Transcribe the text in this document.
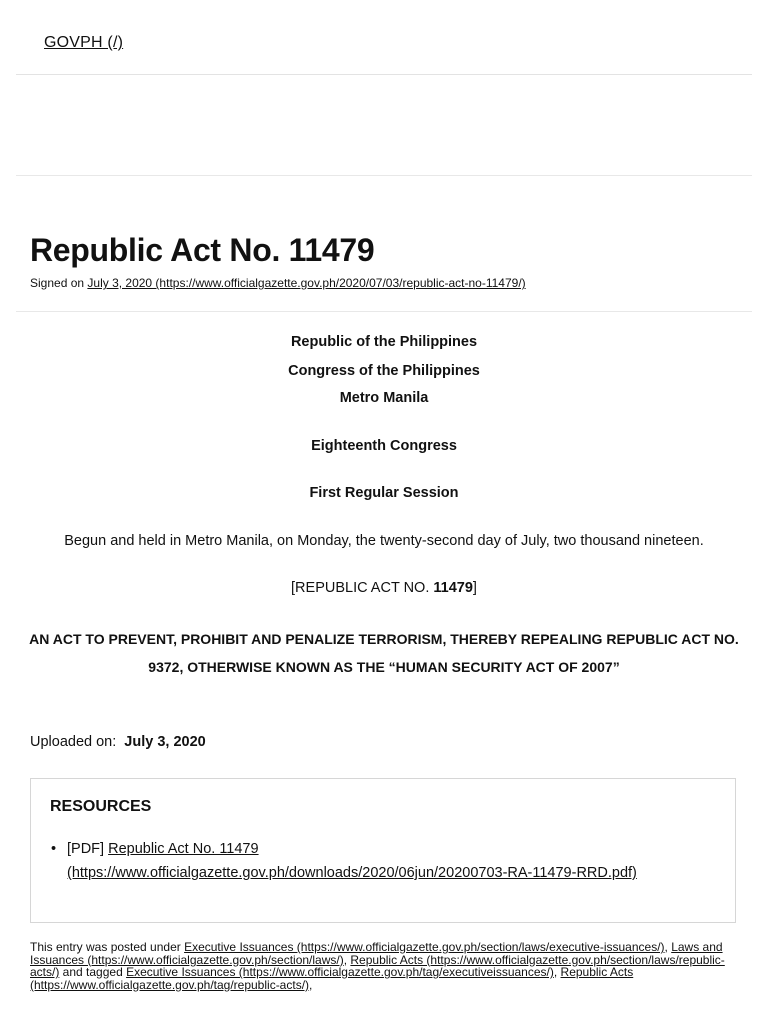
GOVPH (/)
Republic Act No. 11479
Signed on July 3, 2020 (https://www.officialgazette.gov.ph/2020/07/03/republic-act-no-11479/)
Republic of the Philippines
Congress of the Philippines
Metro Manila
Eighteenth Congress
First Regular Session
Begun and held in Metro Manila, on Monday, the twenty-second day of July, two thousand nineteen.
[REPUBLIC ACT NO. 11479]

AN ACT TO PREVENT, PROHIBIT AND PENALIZE TERRORISM, THEREBY REPEALING REPUBLIC ACT NO.
9372, OTHERWISE KNOWN AS THE “HUMAN SECURITY ACT OF 2007”

Uploaded on: July 3, 2020
RESOURCES
• [PDF] Republic Act No. 11479
(https://www.officialgazette.gov.ph/downloads/2020/06jun/20200703-RA-11479-RRD.pdf)
This entry was posted under Executive Issuances (https://www.officialgazette.gov.ph/section/laws/executive-issuances/), Laws and Issuances (https://www.officialgazette.gov.ph/section/laws/), Republic Acts (https://www.officialgazette.gov.ph/section/laws/republic-acts/) and tagged Executive Issuances (https://www.officialgazette.gov.ph/tag/executiveissuances/), Republic Acts (https://www.officialgazette.gov.ph/tag/republic-acts/),
